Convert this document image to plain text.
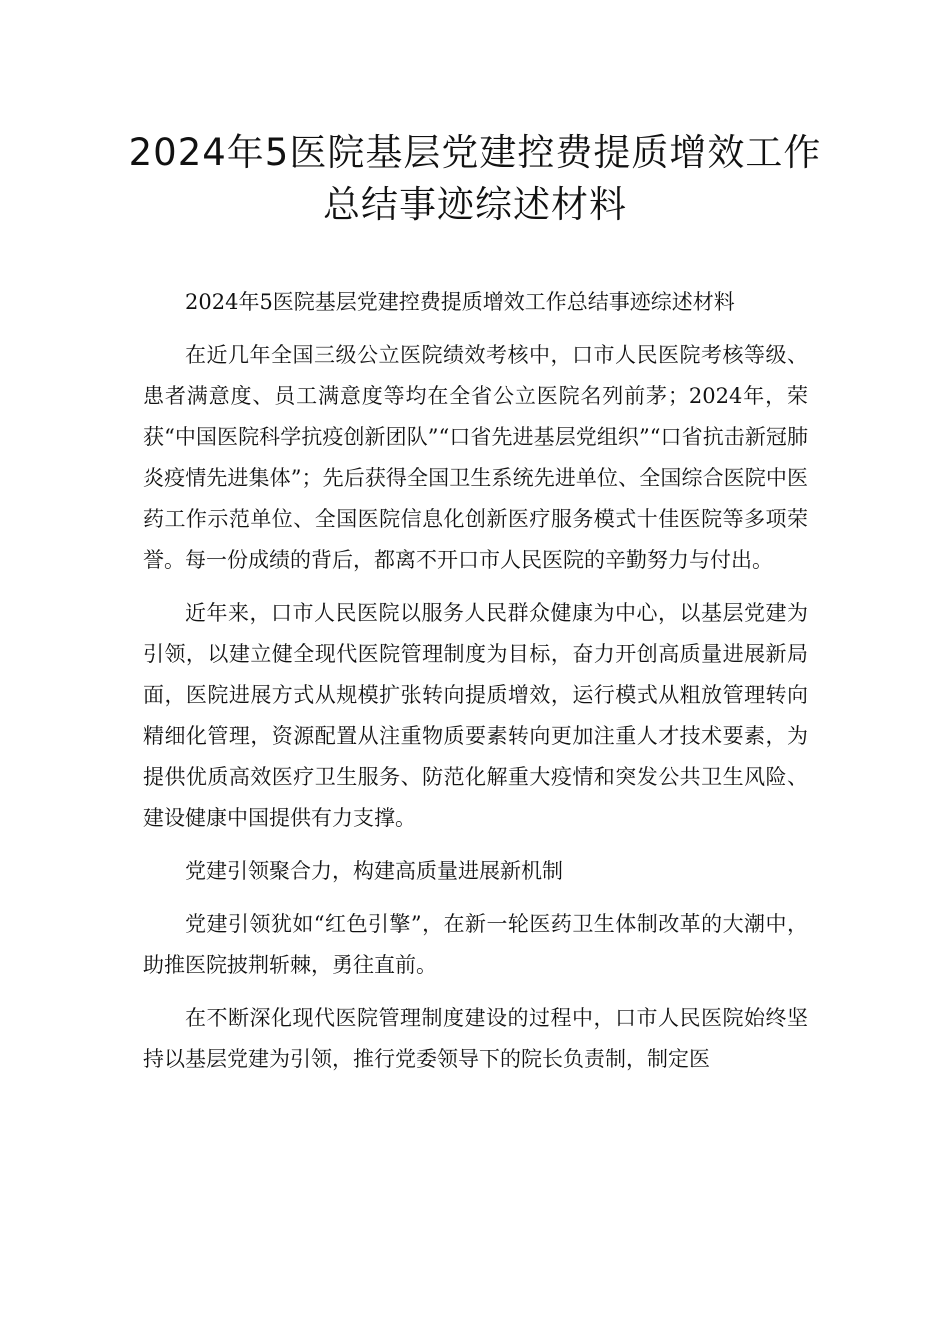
2024年5医院基层党建控费提质增效工作总结事迹综述材料

2024年5医院基层党建控费提质增效工作总结事迹综述材料

在近几年全国三级公立医院绩效考核中，口市人民医院考核等级、患者满意度、员工满意度等均在全省公立医院名列前茅；2024年，荣获“中国医院科学抗疫创新团队”“口省先进基层党组织”“口省抗击新冠肺炎疫情先进集体”；先后获得全国卫生系统先进单位、全国综合医院中医药工作示范单位、全国医院信息化创新医疗服务模式十佳医院等多项荣誉。每一份成绩的背后，都离不开口市人民医院的辛勤努力与付出。

近年来，口市人民医院以服务人民群众健康为中心，以基层党建为引领，以建立健全现代医院管理制度为目标，奋力开创高质量进展新局面，医院进展方式从规模扩张转向提质增效，运行模式从粗放管理转向精细化管理，资源配置从注重物质要素转向更加注重人才技术要素，为提供优质高效医疗卫生服务、防范化解重大疫情和突发公共卫生风险、建设健康中国提供有力支撑。

党建引领聚合力，构建高质量进展新机制

党建引领犹如“红色引擎”，在新一轮医药卫生体制改革的大潮中，助推医院披荆斩棘，勇往直前。

在不断深化现代医院管理制度建设的过程中，口市人民医院始终坚持以基层党建为引领，推行党委领导下的院长负责制，制定医
